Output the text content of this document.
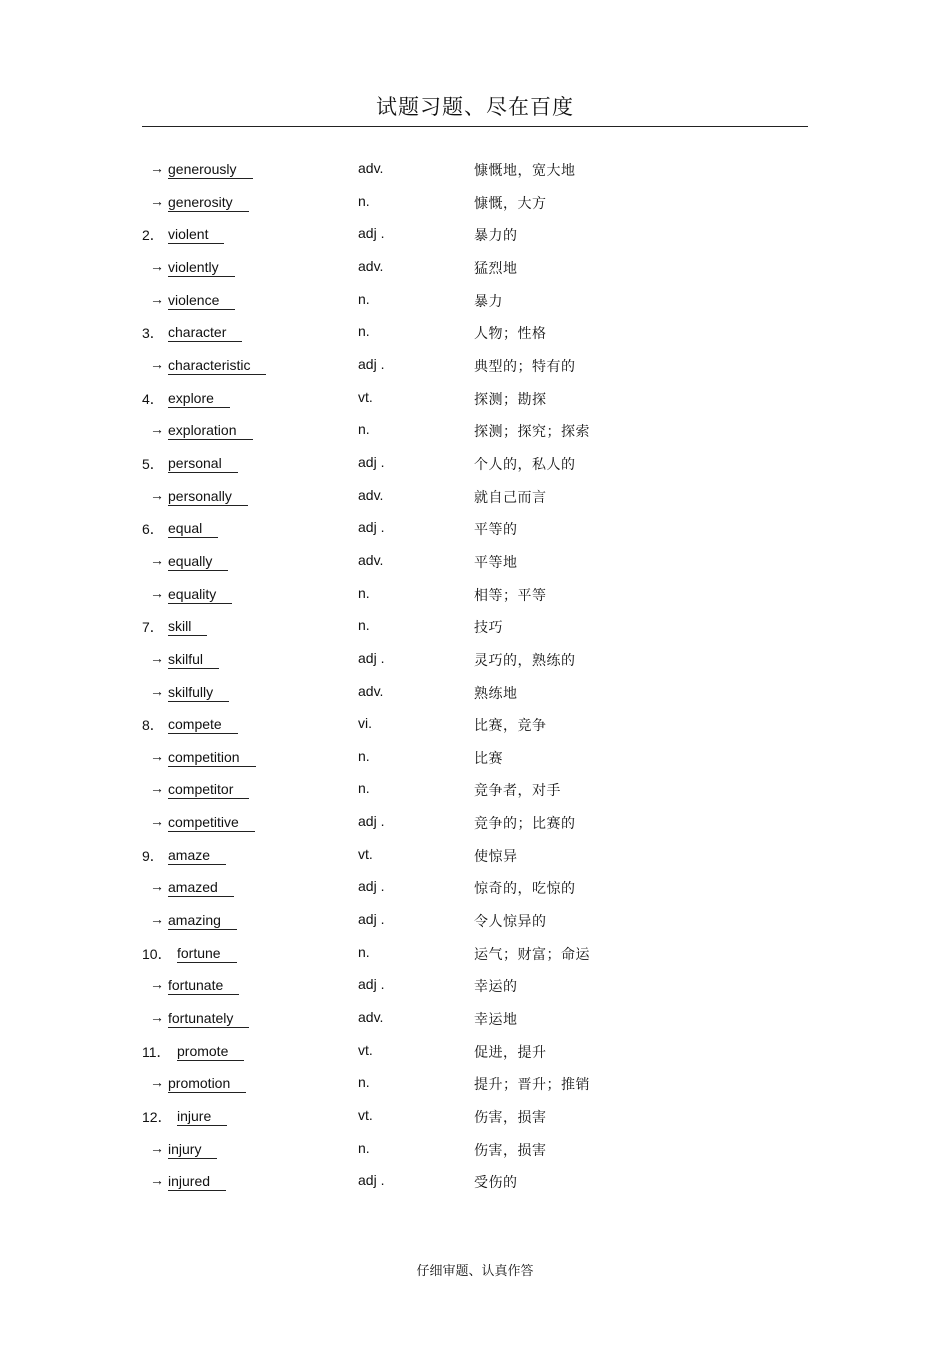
试题习题、尽在百度
→ generously	adv.	慷慨地，宽大地
→ generosity	n.	慷慨，大方
2． violent	adj .	暴力的
→ violently	adv.	猛烈地
→ violence	n.	暴力
3． character	n.	人物；性格
→ characteristic	adj .	典型的；特有的
4． explore	vt.	探测；勘探
→ exploration	n.	探测；探究；探索
5． personal	adj .	个人的，私人的
→ personally	adv.	就自己而言
6． equal	adj .	平等的
→ equally	adv.	平等地
→ equality	n.	相等；平等
7． skill	n.	技巧
→ skilful	adj .	灵巧的，熟练的
→ skilfully	adv.	熟练地
8． compete	vi.	比赛，竞争
→ competition	n.	比赛
→ competitor	n.	竞争者，对手
→ competitive	adj .	竞争的；比赛的
9． amaze	vt.	使惊异
→ amazed	adj .	惊奇的，吃惊的
→ amazing	adj .	令人惊异的
10． fortune	n.	运气；财富；命运
→ fortunate	adj .	幸运的
→ fortunately	adv.	幸运地
11． promote	vt.	促进，提升
→ promotion	n.	提升；晋升；推销
12． injure	vt.	伤害，损害
→ injury	n.	伤害，损害
→ injured	adj .	受伤的
仔细审题、认真作答
